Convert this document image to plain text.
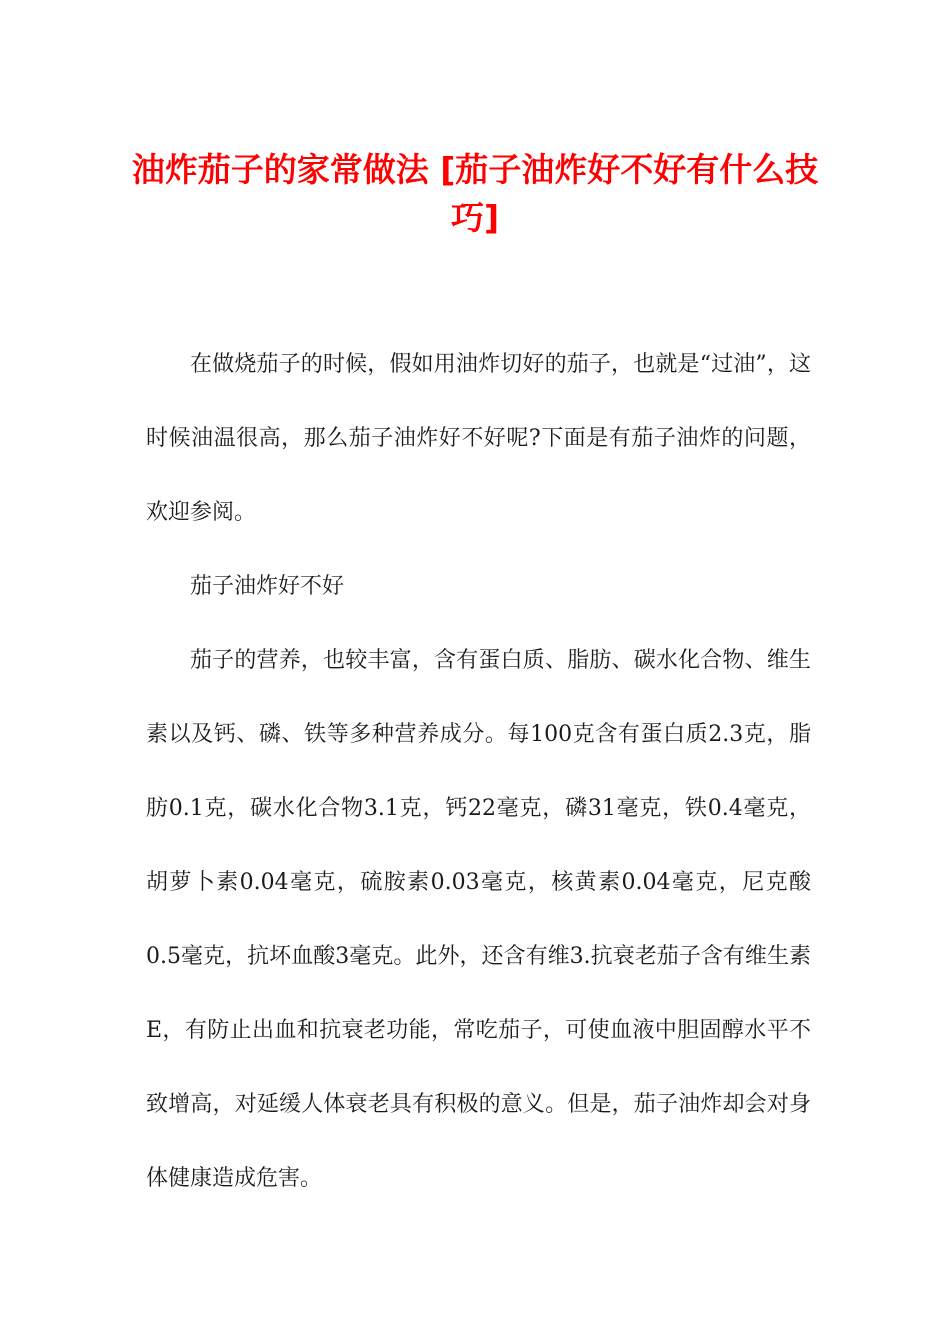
油炸茄子的家常做法 [茄子油炸好不好有什么技巧]

在做烧茄子的时候，假如用油炸切好的茄子，也就是“过油”，这时候油温很高，那么茄子油炸好不好呢?下面是有茄子油炸的问题，欢迎参阅。

茄子油炸好不好

茄子的营养，也较丰富，含有蛋白质、脂肪、碳水化合物、维生素以及钙、磷、铁等多种营养成分。每100克含有蛋白质2.3克，脂肪0.1克，碳水化合物3.1克，钙22毫克，磷31毫克，铁0.4毫克，胡萝卜素0.04毫克，硫胺素0.03毫克，核黄素0.04毫克，尼克酸0.5毫克，抗坏血酸3毫克。此外，还含有维3.抗衰老茄子含有维生素E，有防止出血和抗衰老功能，常吃茄子，可使血液中胆固醇水平不致增高，对延缓人体衰老具有积极的意义。但是，茄子油炸却会对身体健康造成危害。
